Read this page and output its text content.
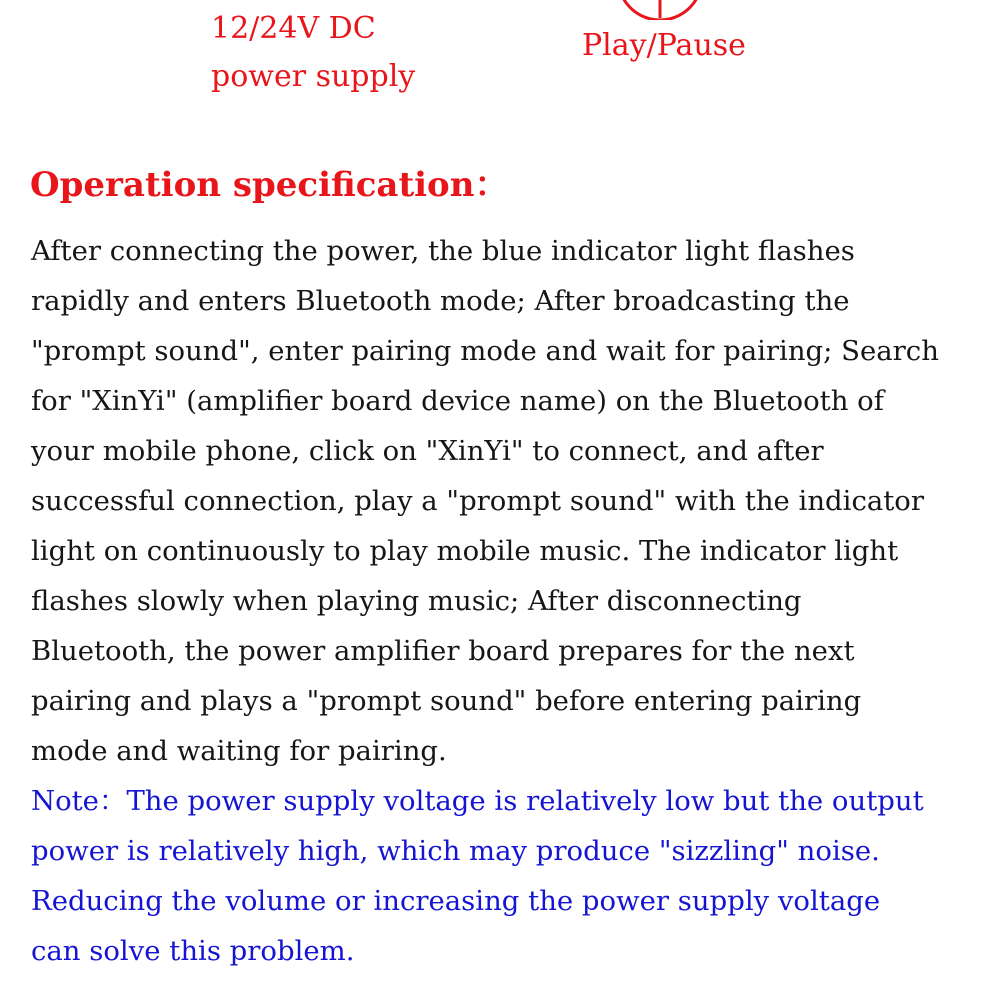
12/24V DC
power supply
Play/Pause
Operation specification：
After connecting the power, the blue indicator light flashes
rapidly and enters Bluetooth mode; After broadcasting the
"prompt sound", enter pairing mode and wait for pairing; Search
for "XinYi" (amplifier board device name) on the Bluetooth of
your mobile phone, click on "XinYi" to connect, and after
successful connection, play a "prompt sound" with the indicator
light on continuously to play mobile music. The indicator light
flashes slowly when playing music; After disconnecting
Bluetooth, the power amplifier board prepares for the next
pairing and plays a "prompt sound" before entering pairing
mode and waiting for pairing.
Note：The power supply voltage is relatively low but the output
power is relatively high, which may produce "sizzling" noise.
Reducing the volume or increasing the power supply voltage
can solve this problem.
